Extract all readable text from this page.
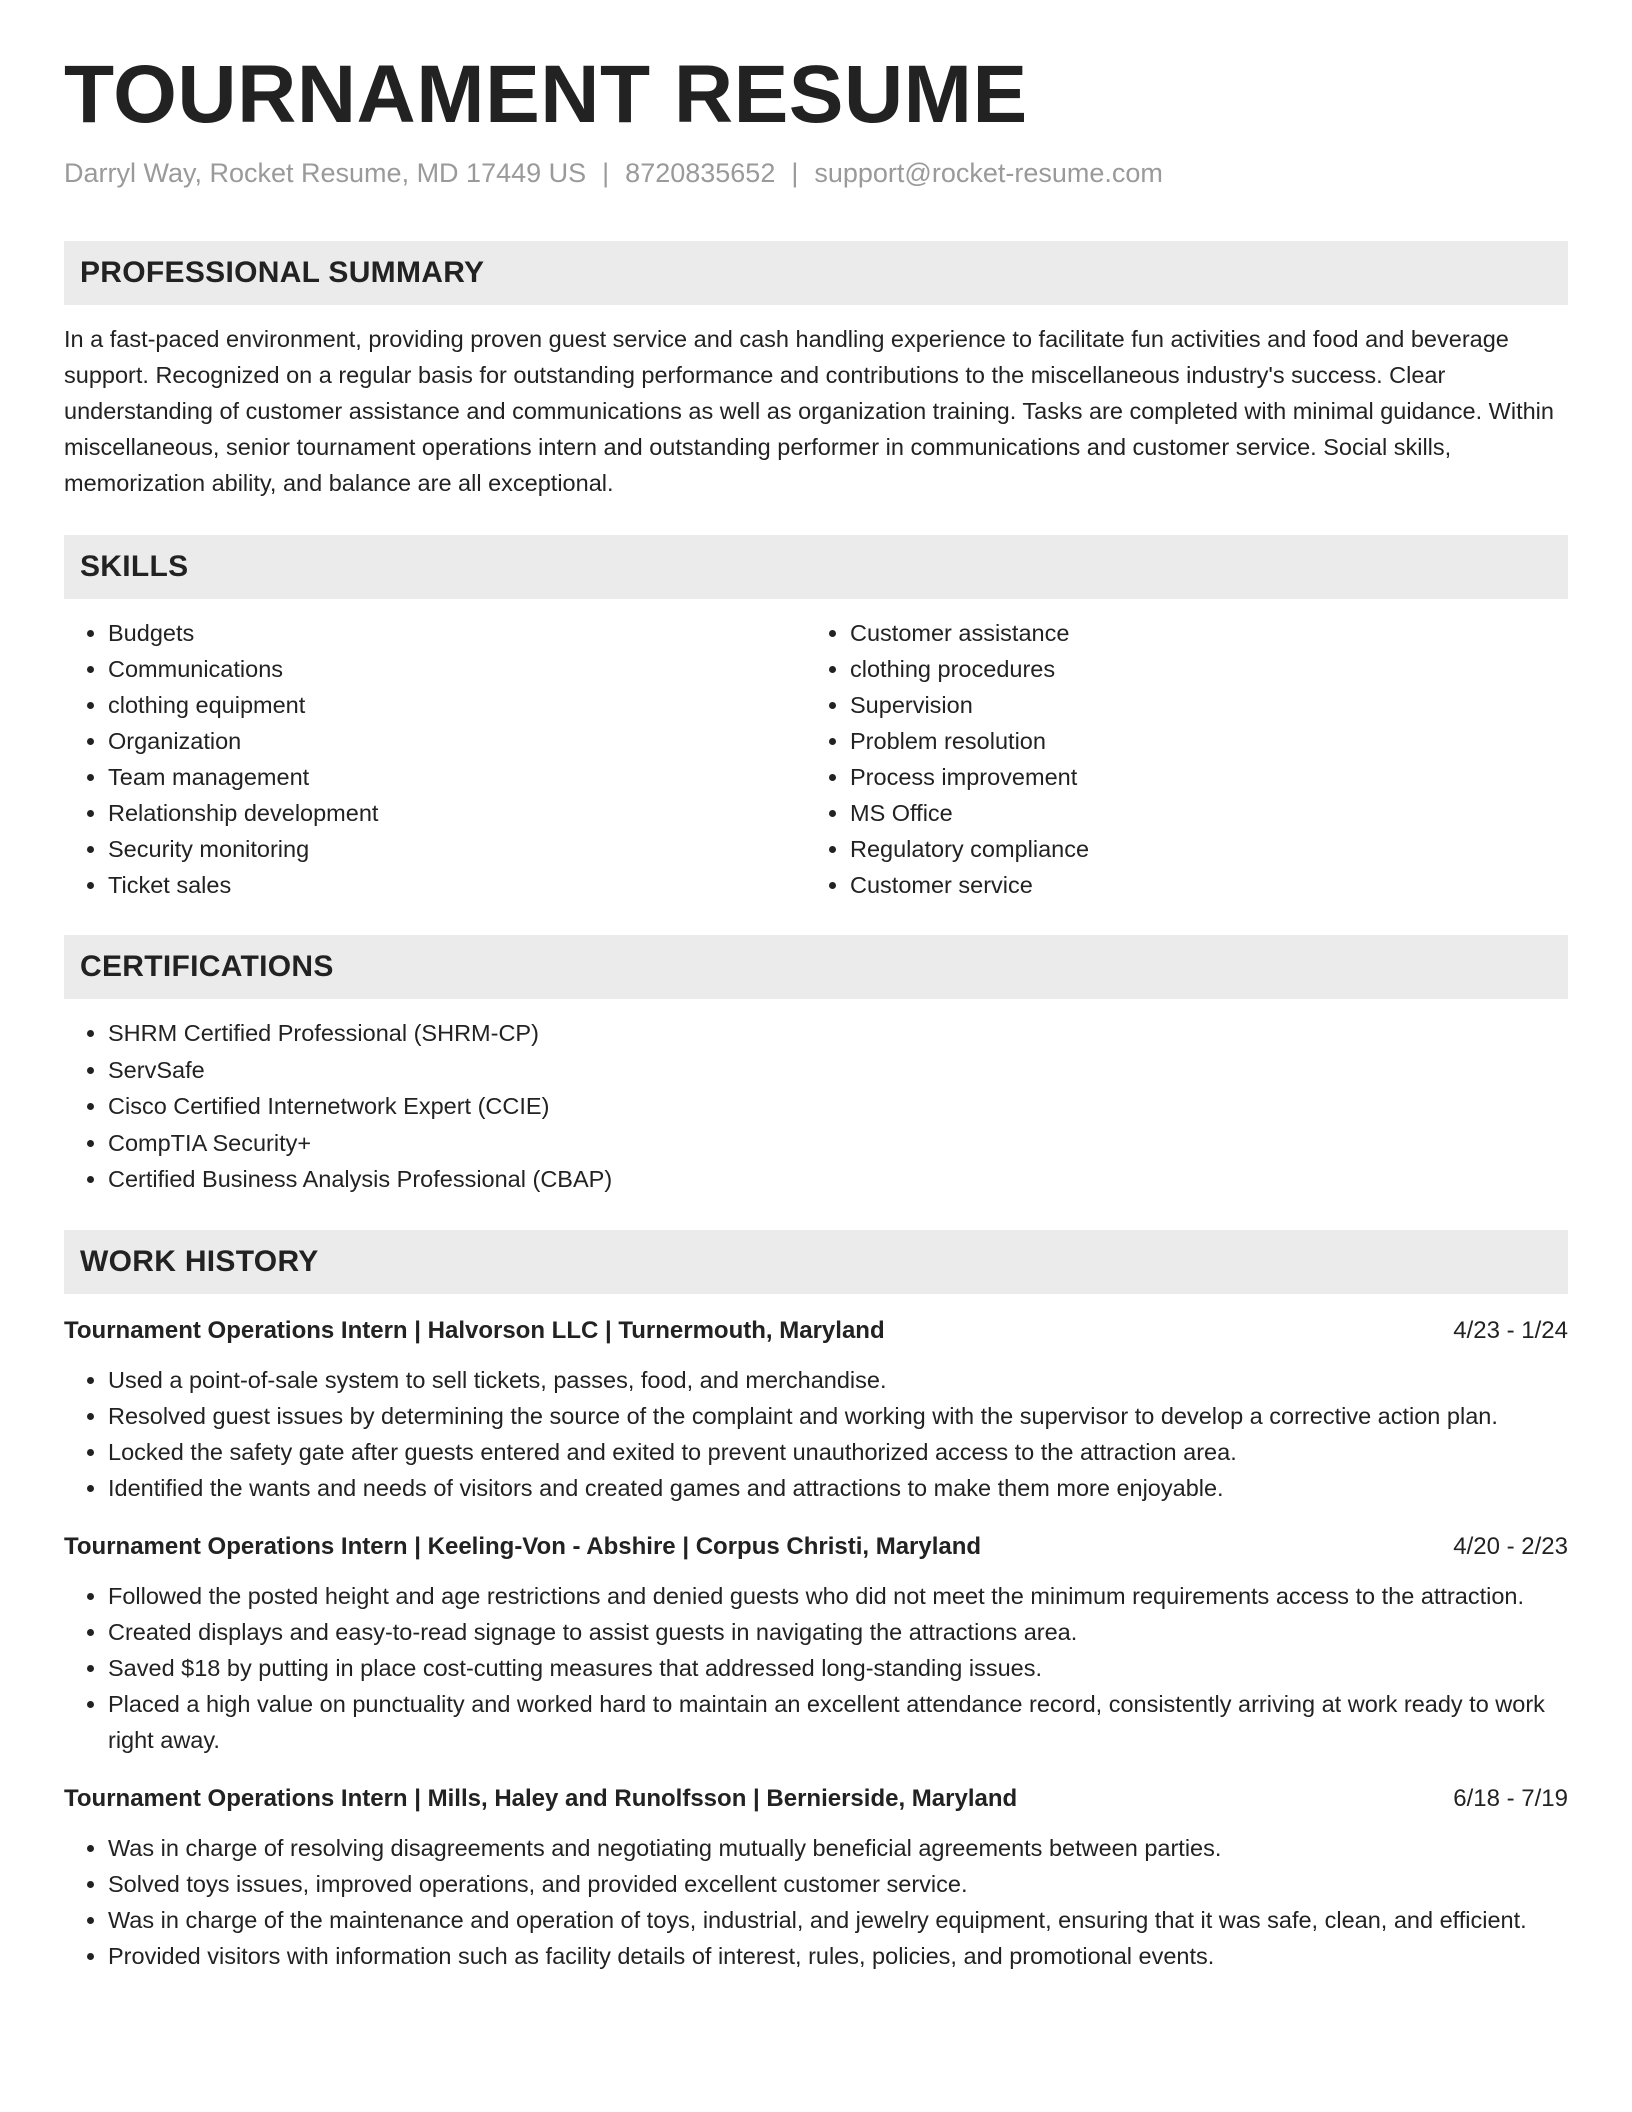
TOURNAMENT RESUME
Darryl Way, Rocket Resume, MD 17449 US | 8720835652 | support@rocket-resume.com
PROFESSIONAL SUMMARY
In a fast-paced environment, providing proven guest service and cash handling experience to facilitate fun activities and food and beverage support. Recognized on a regular basis for outstanding performance and contributions to the miscellaneous industry's success. Clear understanding of customer assistance and communications as well as organization training. Tasks are completed with minimal guidance. Within miscellaneous, senior tournament operations intern and outstanding performer in communications and customer service. Social skills, memorization ability, and balance are all exceptional.
SKILLS
• Budgets
• Communications
• clothing equipment
• Organization
• Team management
• Relationship development
• Security monitoring
• Ticket sales
• Customer assistance
• clothing procedures
• Supervision
• Problem resolution
• Process improvement
• MS Office
• Regulatory compliance
• Customer service
CERTIFICATIONS
• SHRM Certified Professional (SHRM-CP)
• ServSafe
• Cisco Certified Internetwork Expert (CCIE)
• CompTIA Security+
• Certified Business Analysis Professional (CBAP)
WORK HISTORY
Tournament Operations Intern | Halvorson LLC | Turnermouth, Maryland	4/23 - 1/24
• Used a point-of-sale system to sell tickets, passes, food, and merchandise.
• Resolved guest issues by determining the source of the complaint and working with the supervisor to develop a corrective action plan.
• Locked the safety gate after guests entered and exited to prevent unauthorized access to the attraction area.
• Identified the wants and needs of visitors and created games and attractions to make them more enjoyable.
Tournament Operations Intern | Keeling-Von - Abshire | Corpus Christi, Maryland	4/20 - 2/23
• Followed the posted height and age restrictions and denied guests who did not meet the minimum requirements access to the attraction.
• Created displays and easy-to-read signage to assist guests in navigating the attractions area.
• Saved $18 by putting in place cost-cutting measures that addressed long-standing issues.
• Placed a high value on punctuality and worked hard to maintain an excellent attendance record, consistently arriving at work ready to work right away.
Tournament Operations Intern | Mills, Haley and Runolfsson | Bernierside, Maryland	6/18 - 7/19
• Was in charge of resolving disagreements and negotiating mutually beneficial agreements between parties.
• Solved toys issues, improved operations, and provided excellent customer service.
• Was in charge of the maintenance and operation of toys, industrial, and jewelry equipment, ensuring that it was safe, clean, and efficient.
• Provided visitors with information such as facility details of interest, rules, policies, and promotional events.
